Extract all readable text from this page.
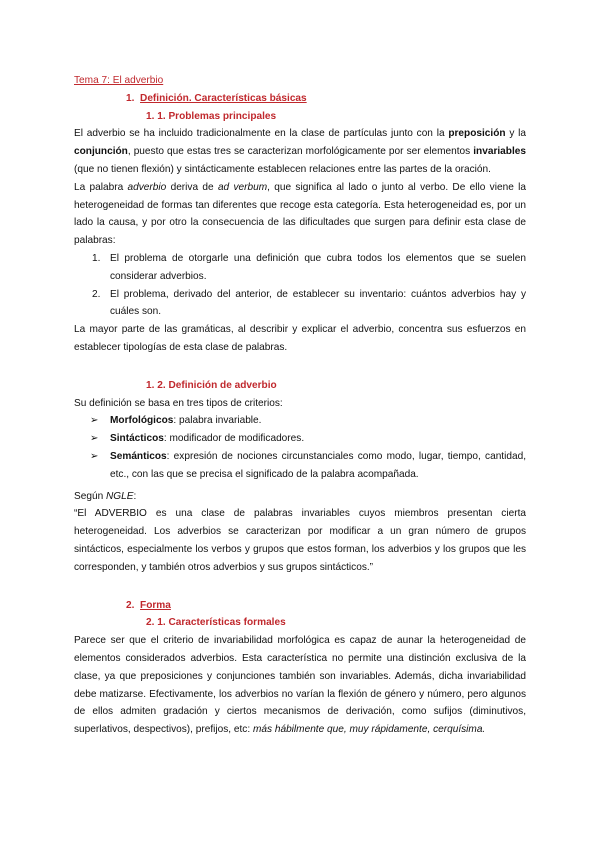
Tema 7: El adverbio
1. Definición. Características básicas
1. 1. Problemas principales
El adverbio se ha incluido tradicionalmente en la clase de partículas junto con la preposición y la conjunción, puesto que estas tres se caracterizan morfológicamente por ser elementos invariables (que no tienen flexión) y sintácticamente establecen relaciones entre las partes de la oración.
La palabra adverbio deriva de ad verbum, que significa al lado o junto al verbo. De ello viene la heterogeneidad de formas tan diferentes que recoge esta categoría. Esta heterogeneidad es, por un lado la causa, y por otro la consecuencia de las dificultades que surgen para definir esta clase de palabras:
1. El problema de otorgarle una definición que cubra todos los elementos que se suelen considerar adverbios.
2. El problema, derivado del anterior, de establecer su inventario: cuántos adverbios hay y cuáles son.
La mayor parte de las gramáticas, al describir y explicar el adverbio, concentra sus esfuerzos en establecer tipologías de esta clase de palabras.
1. 2. Definición de adverbio
Su definición se basa en tres tipos de criterios:
➢ Morfológicos: palabra invariable.
➢ Sintácticos: modificador de modificadores.
➢ Semánticos: expresión de nociones circunstanciales como modo, lugar, tiempo, cantidad, etc., con las que se precisa el significado de la palabra acompañada.
Según NGLE:
“El ADVERBIO es una clase de palabras invariables cuyos miembros presentan cierta heterogeneidad. Los adverbios se caracterizan por modificar a un gran número de grupos sintácticos, especialmente los verbos y grupos que estos forman, los adverbios y los grupos que les corresponden, y también otros adverbios y sus grupos sintácticos.”
2. Forma
2. 1. Características formales
Parece ser que el criterio de invariabilidad morfológica es capaz de aunar la heterogeneidad de elementos considerados adverbios. Esta característica no permite una distinción exclusiva de la clase, ya que preposiciones y conjunciones también son invariables. Además, dicha invariabilidad debe matizarse. Efectivamente, los adverbios no varían la flexión de género y número, pero algunos de ellos admiten gradación y ciertos mecanismos de derivación, como sufijos (diminutivos, superlativos, despectivos), prefijos, etc: más hábilmente que, muy rápidamente, cerquísima.
